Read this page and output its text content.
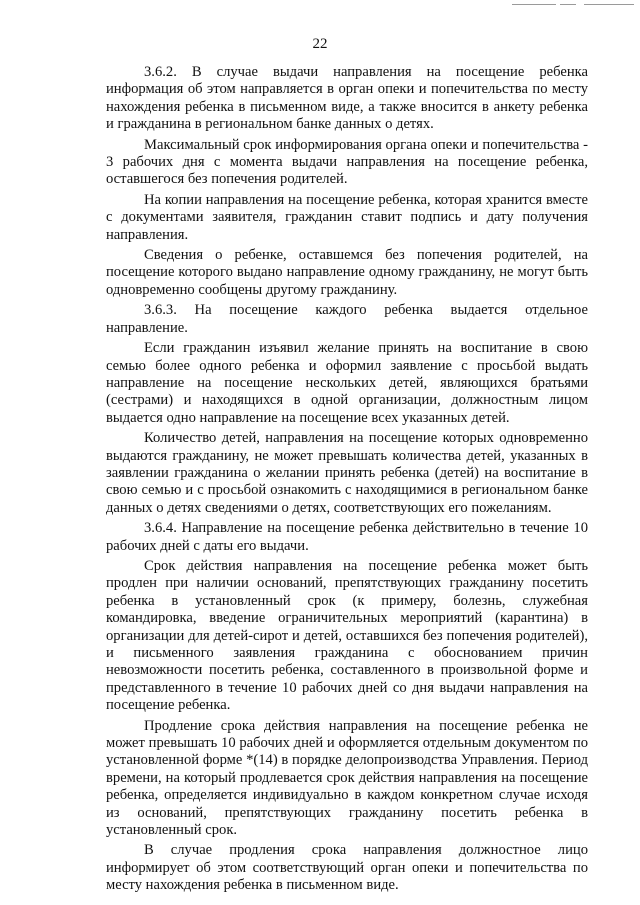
22

3.6.2. В случае выдачи направления на посещение ребенка информация об этом направляется в орган опеки и попечительства по месту нахождения ребенка в письменном виде, а также вносится в анкету ребенка и гражданина в региональном банке данных о детях.

Максимальный срок информирования органа опеки и попечительства - 3 рабочих дня с момента выдачи направления на посещение ребенка, оставшегося без попечения родителей.

На копии направления на посещение ребенка, которая хранится вместе с документами заявителя, гражданин ставит подпись и дату получения направления.

Сведения о ребенке, оставшемся без попечения родителей, на посещение которого выдано направление одному гражданину, не могут быть одновременно сообщены другому гражданину.

3.6.3. На посещение каждого ребенка выдается отдельное направление.

Если гражданин изъявил желание принять на воспитание в свою семью более одного ребенка и оформил заявление с просьбой выдать направление на посещение нескольких детей, являющихся братьями (сестрами) и находящихся в одной организации, должностным лицом выдается одно направление на посещение всех указанных детей.

Количество детей, направления на посещение которых одновременно выдаются гражданину, не может превышать количества детей, указанных в заявлении гражданина о желании принять ребенка (детей) на воспитание в свою семью и с просьбой ознакомить с находящимися в региональном банке данных о детях сведениями о детях, соответствующих его пожеланиям.

3.6.4. Направление на посещение ребенка действительно в течение 10 рабочих дней с даты его выдачи.

Срок действия направления на посещение ребенка может быть продлен при наличии оснований, препятствующих гражданину посетить ребенка в установленный срок (к примеру, болезнь, служебная командировка, введение ограничительных мероприятий (карантина) в организации для детей-сирот и детей, оставшихся без попечения родителей), и письменного заявления гражданина с обоснованием причин невозможности посетить ребенка, составленного в произвольной форме и представленного в течение 10 рабочих дней со дня выдачи направления на посещение ребенка.

Продление срока действия направления на посещение ребенка не может превышать 10 рабочих дней и оформляется отдельным документом по установленной форме *(14) в порядке делопроизводства Управления. Период времени, на который продлевается срок действия направления на посещение ребенка, определяется индивидуально в каждом конкретном случае исходя из оснований, препятствующих гражданину посетить ребенка в установленный срок.

В случае продления срока направления должностное лицо информирует об этом соответствующий орган опеки и попечительства по месту нахождения ребенка в письменном виде.
